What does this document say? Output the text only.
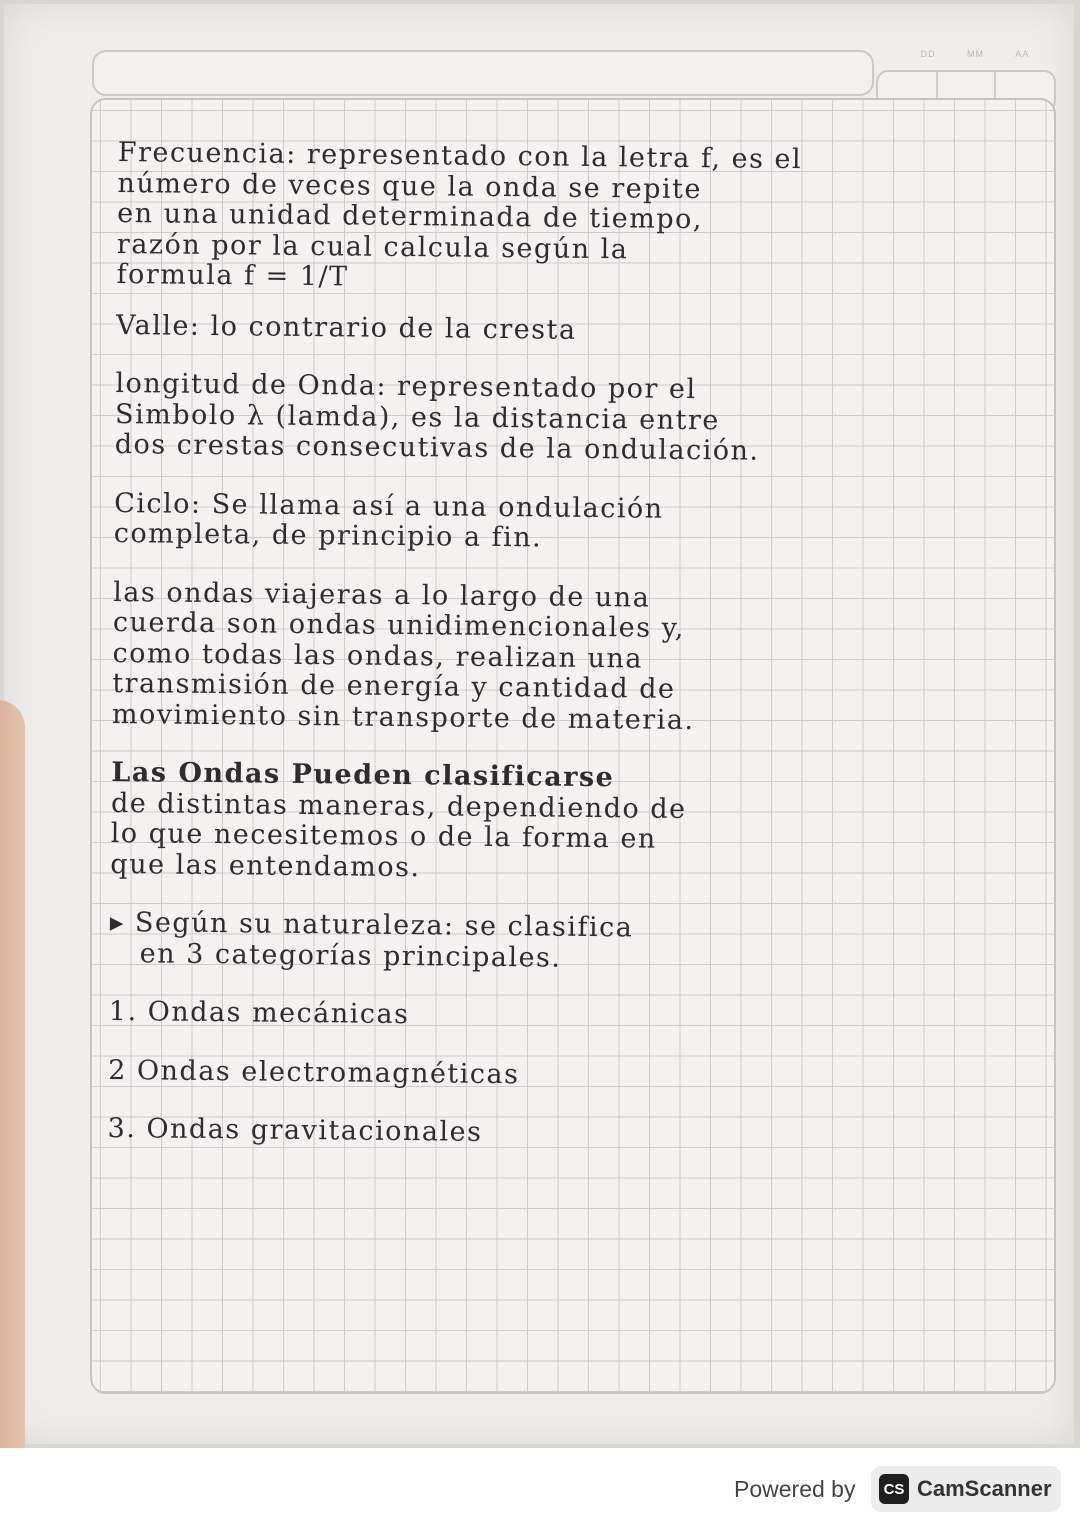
DD	MM	AA

Frecuencia: representado con la letra f, es el

número de veces que la onda se repite

en una unidad determinada de tiempo,

razón por la cual calcula según la

formula f = 1/T

Valle: lo contrario de la cresta

longitud de Onda: representado por el

Simbolo λ (lamda), es la distancia entre

dos crestas consecutivas de la ondulación.

Ciclo: Se llama así a una ondulación

completa, de principio a fin.

las ondas viajeras a lo largo de una

cuerda son ondas unidimencionales y,

como todas las ondas, realizan una

transmisión de energía y cantidad de

movimiento sin transporte de materia.

Las Ondas Pueden clasificarse

de distintas maneras, dependiendo de

lo que necesitemos o de la forma en

que las entendamos.

▸ Según su naturaleza: se clasifica

en 3 categorías principales.

1. Ondas mecánicas

2 Ondas electromagnéticas

3. Ondas gravitacionales

Powered by	CS CamScanner
